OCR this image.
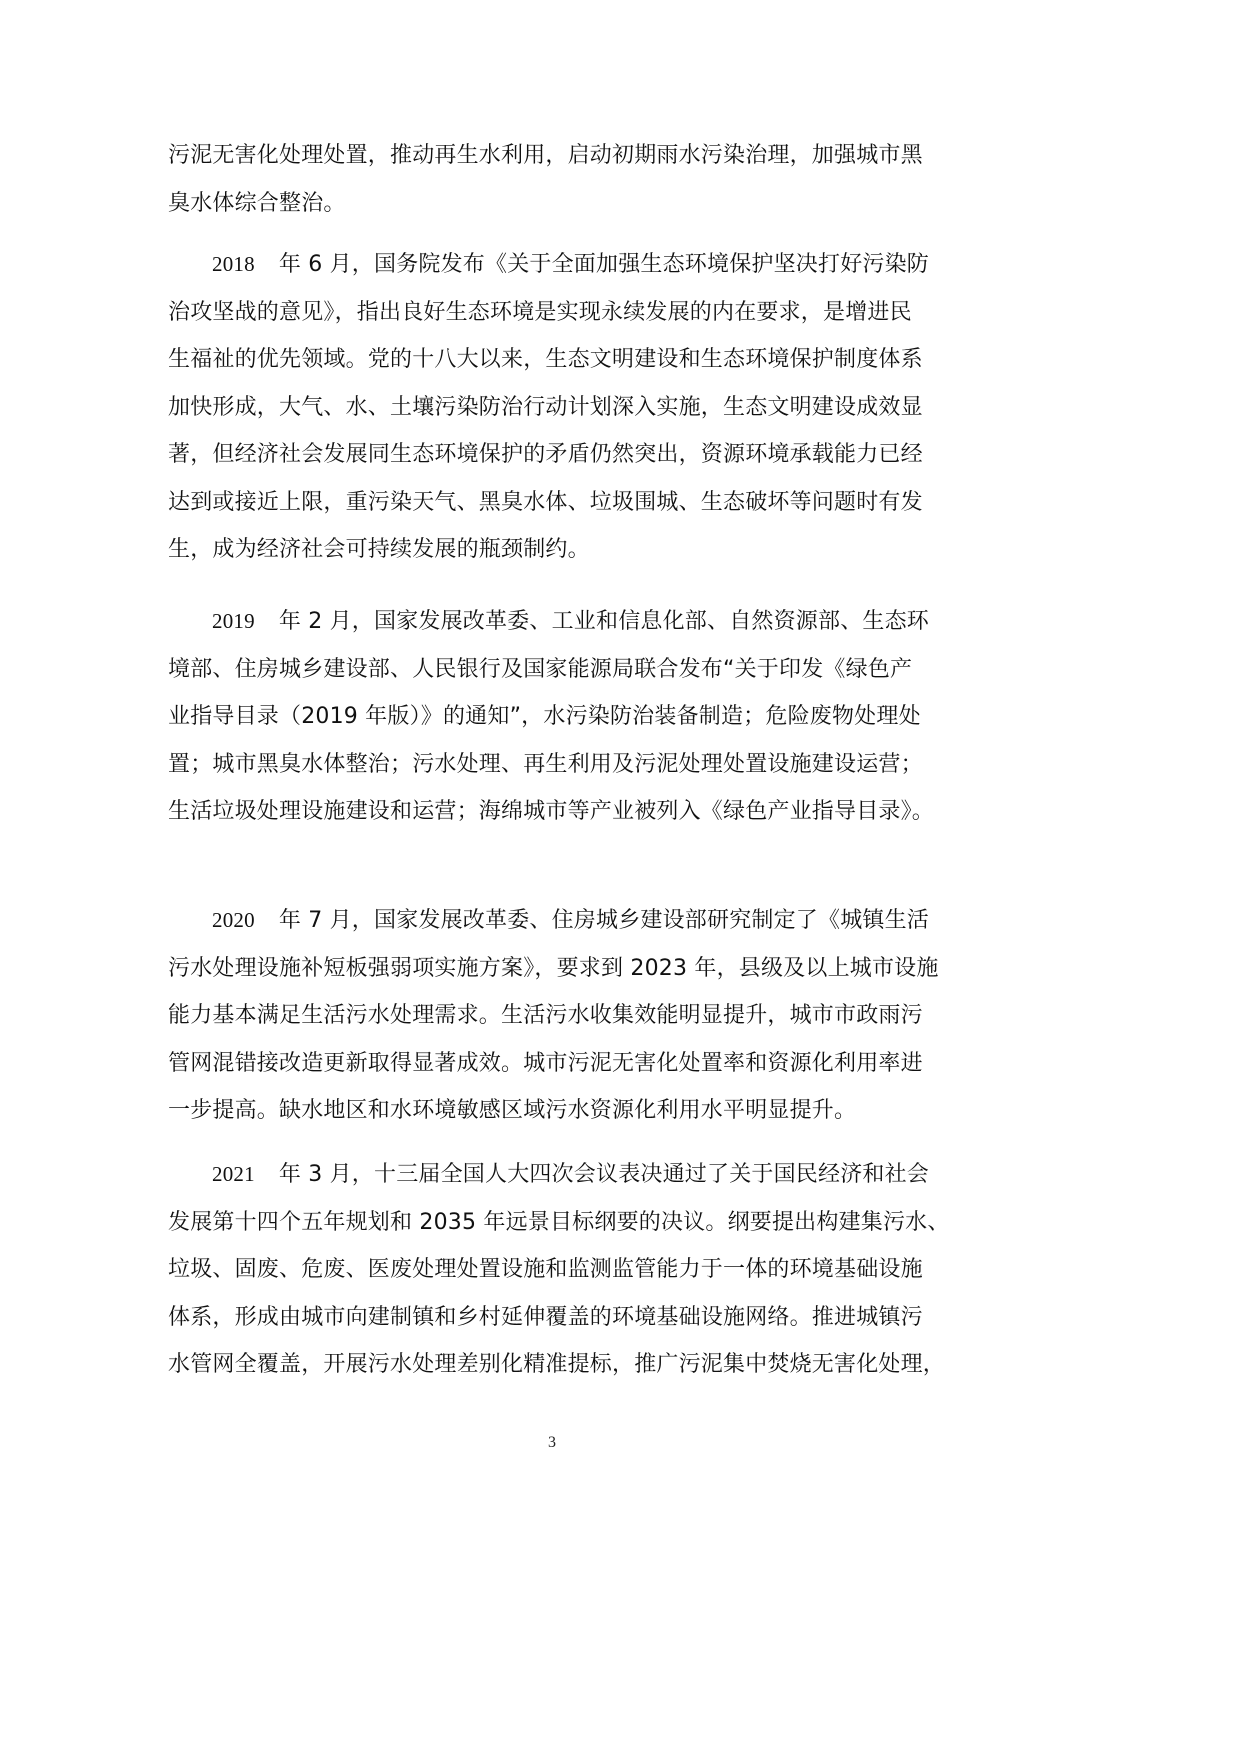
污泥无害化处理处置，推动再生水利用，启动初期雨水污染治理，加强城市黑
臭水体综合整治。
2018 年 6 月，国务院发布《关于全面加强生态环境保护坚决打好污染防
治攻坚战的意见》，指出良好生态环境是实现永续发展的内在要求，是增进民
生福祉的优先领域。党的十八大以来，生态文明建设和生态环境保护制度体系
加快形成，大气、水、土壤污染防治行动计划深入实施，生态文明建设成效显
著，但经济社会发展同生态环境保护的矛盾仍然突出，资源环境承载能力已经
达到或接近上限，重污染天气、黑臭水体、垃圾围城、生态破坏等问题时有发
生，成为经济社会可持续发展的瓶颈制约。
2019 年 2 月，国家发展改革委、工业和信息化部、自然资源部、生态环
境部、住房城乡建设部、人民银行及国家能源局联合发布“关于印发《绿色产
业指导目录（2019 年版）》的通知”，水污染防治装备制造；危险废物处理处
置；城市黑臭水体整治；污水处理、再生利用及污泥处理处置设施建设运营；
生活垃圾处理设施建设和运营；海绵城市等产业被列入《绿色产业指导目录》。
2020 年 7 月，国家发展改革委、住房城乡建设部研究制定了《城镇生活
污水处理设施补短板强弱项实施方案》，要求到 2023 年，县级及以上城市设施
能力基本满足生活污水处理需求。生活污水收集效能明显提升，城市市政雨污
管网混错接改造更新取得显著成效。城市污泥无害化处置率和资源化利用率进
一步提高。缺水地区和水环境敏感区域污水资源化利用水平明显提升。
2021 年 3 月，十三届全国人大四次会议表决通过了关于国民经济和社会
发展第十四个五年规划和 2035 年远景目标纲要的决议。纲要提出构建集污水、
垃圾、固废、危废、医废处理处置设施和监测监管能力于一体的环境基础设施
体系，形成由城市向建制镇和乡村延伸覆盖的环境基础设施网络。推进城镇污
水管网全覆盖，开展污水处理差别化精准提标，推广污泥集中焚烧无害化处理，
3
